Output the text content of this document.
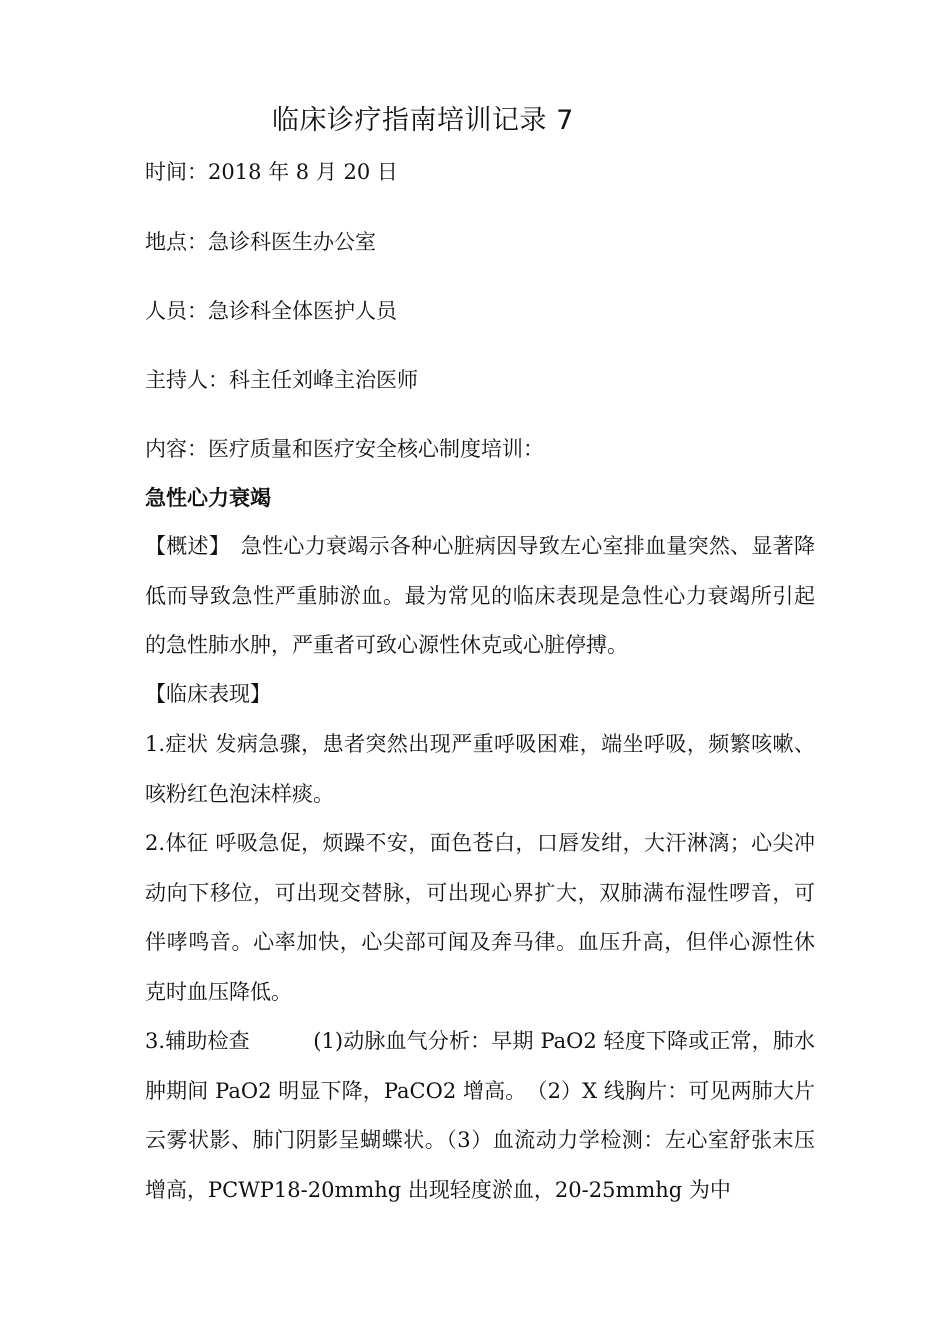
临床诊疗指南培训记录 7
时间：2018 年 8 月 20 日
地点：急诊科医生办公室
人员：急诊科全体医护人员
主持人：科主任刘峰主治医师
内容：医疗质量和医疗安全核心制度培训：
急性心力衰竭
【概述】　急性心力衰竭示各种心脏病因导致左心室排血量突然、显著降低而导致急性严重肺淤血。最为常见的临床表现是急性心力衰竭所引起的急性肺水肿，严重者可致心源性休克或心脏停搏。
【临床表现】
1.症状 发病急骤，患者突然出现严重呼吸困难，端坐呼吸，频繁咳嗽、咳粉红色泡沫样痰。
2.体征 呼吸急促，烦躁不安，面色苍白，口唇发绀，大汗淋漓；心尖冲动向下移位，可出现交替脉，可出现心界扩大，双肺满布湿性啰音，可伴哮鸣音。心率加快，心尖部可闻及奔马律。血压升高，但伴心源性休克时血压降低。
3.辅助检查　　　(1)动脉血气分析：早期 PaO2 轻度下降或正常，肺水肿期间 PaO2 明显下降，PaCO2 增高。　（2）X 线胸片：可见两肺大片云雾状影、肺门阴影呈蝴蝶状。（3）血流动力学检测：左心室舒张末压增高，PCWP18-20mmhg 出现轻度淤血，20-25mmhg 为中
